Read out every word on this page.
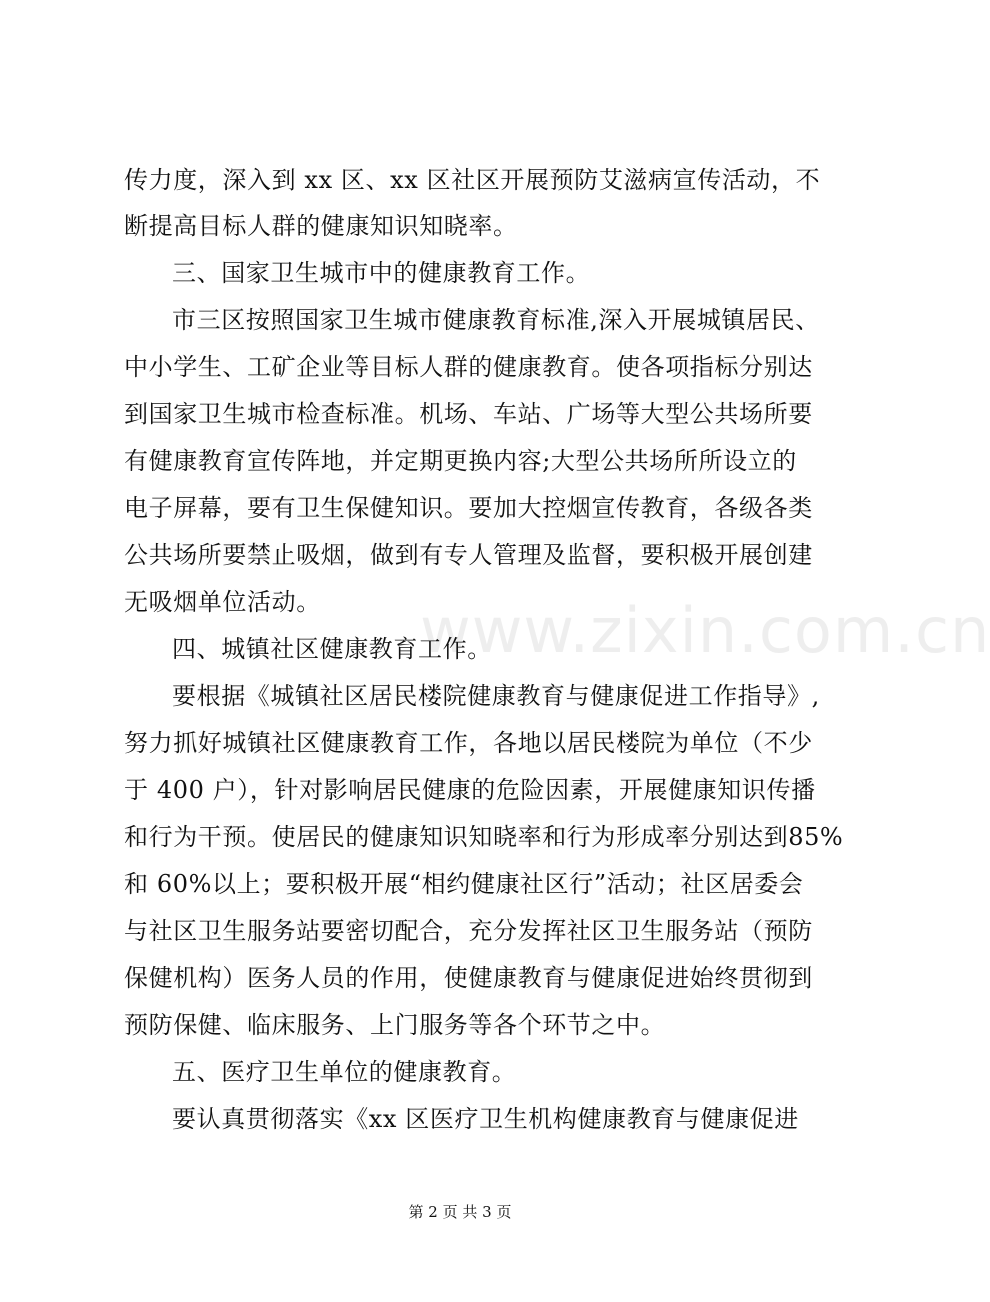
www.zixin.com.cn
传力度，深入到 xx 区、xx 区社区开展预防艾滋病宣传活动，不
断提高目标人群的健康知识知晓率。
三、国家卫生城市中的健康教育工作。
市三区按照国家卫生城市健康教育标准,深入开展城镇居民、
中小学生、工矿企业等目标人群的健康教育。使各项指标分别达
到国家卫生城市检查标准。机场、车站、广场等大型公共场所要
有健康教育宣传阵地，并定期更换内容;大型公共场所所设立的
电子屏幕，要有卫生保健知识。要加大控烟宣传教育，各级各类
公共场所要禁止吸烟，做到有专人管理及监督，要积极开展创建
无吸烟单位活动。
四、城镇社区健康教育工作。
要根据《城镇社区居民楼院健康教育与健康促进工作指导》,
努力抓好城镇社区健康教育工作，各地以居民楼院为单位（不少
于 400 户），针对影响居民健康的危险因素，开展健康知识传播
和行为干预。使居民的健康知识知晓率和行为形成率分别达到85%
和 60%以上；要积极开展“相约健康社区行”活动；社区居委会
与社区卫生服务站要密切配合，充分发挥社区卫生服务站（预防
保健机构）医务人员的作用，使健康教育与健康促进始终贯彻到
预防保健、临床服务、上门服务等各个环节之中。
五、医疗卫生单位的健康教育。
要认真贯彻落实《xx 区医疗卫生机构健康教育与健康促进
第 2 页 共 3 页
